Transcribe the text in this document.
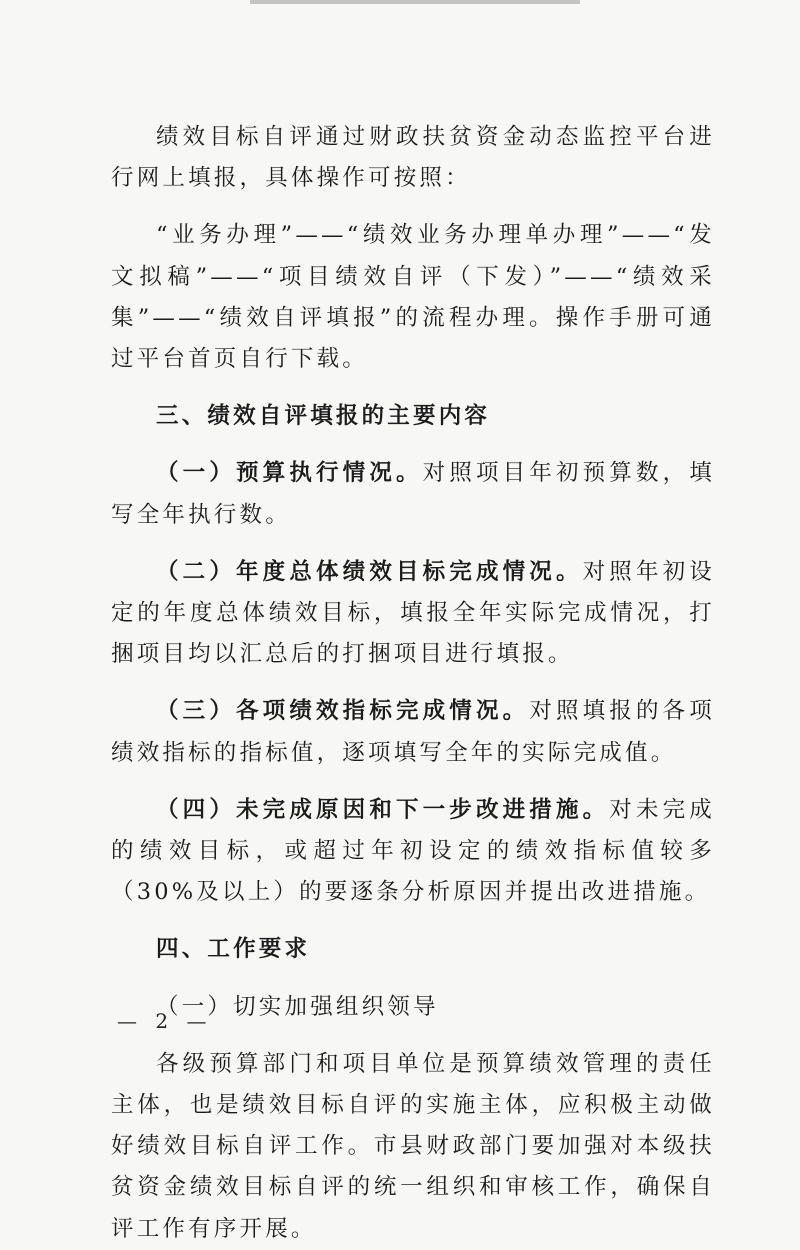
绩效目标自评通过财政扶贫资金动态监控平台进行网上填报，具体操作可按照：

“业务办理”——“绩效业务办理单办理”——“发文拟稿”——“项目绩效自评（下发）”——“绩效采集”——“绩效自评填报”的流程办理。操作手册可通过平台首页自行下载。

三、绩效自评填报的主要内容

（一）预算执行情况。对照项目年初预算数，填写全年执行数。

（二）年度总体绩效目标完成情况。对照年初设定的年度总体绩效目标，填报全年实际完成情况，打捆项目均以汇总后的打捆项目进行填报。

（三）各项绩效指标完成情况。对照填报的各项绩效指标的指标值，逐项填写全年的实际完成值。

（四）未完成原因和下一步改进措施。对未完成的绩效目标，或超过年初设定的绩效指标值较多（30%及以上）的要逐条分析原因并提出改进措施。

四、工作要求

（一）切实加强组织领导

各级预算部门和项目单位是预算绩效管理的责任主体，也是绩效目标自评的实施主体，应积极主动做好绩效目标自评工作。市县财政部门要加强对本级扶贫资金绩效目标自评的统一组织和审核工作，确保自评工作有序开展。

— 2 —
